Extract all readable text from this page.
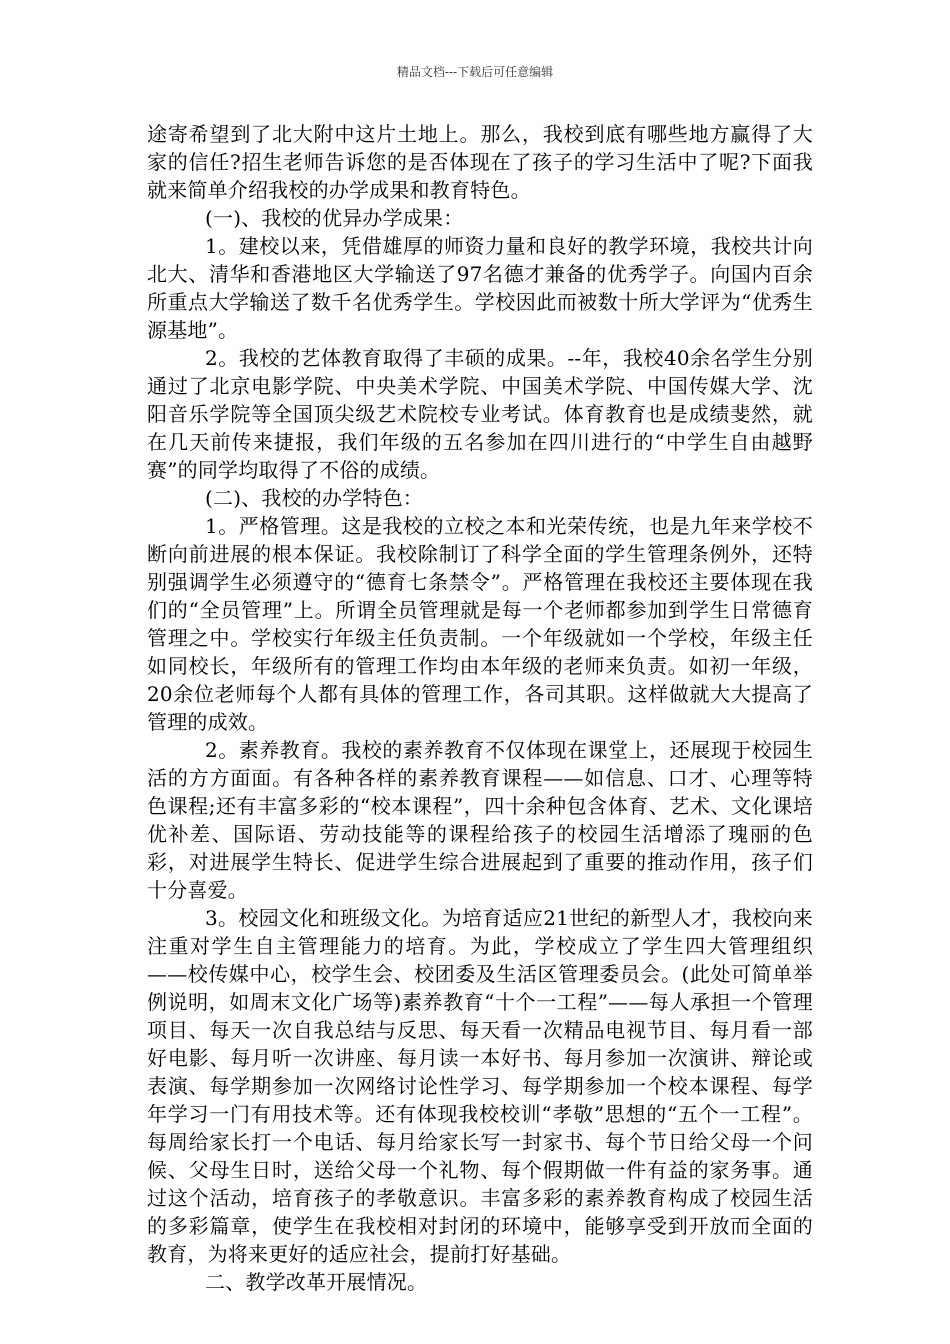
精品文档---下载后可任意编辑

途寄希望到了北大附中这片土地上。那么，我校到底有哪些地方赢得了大家的信任?招生老师告诉您的是否体现在了孩子的学习生活中了呢?下面我就来简单介绍我校的办学成果和教育特色。

(一)、我校的优异办学成果：

1。建校以来，凭借雄厚的师资力量和良好的教学环境，我校共计向北大、清华和香港地区大学输送了97名德才兼备的优秀学子。向国内百余所重点大学输送了数千名优秀学生。学校因此而被数十所大学评为“优秀生源基地”。

2。我校的艺体教育取得了丰硕的成果。--年，我校40余名学生分别通过了北京电影学院、中央美术学院、中国美术学院、中国传媒大学、沈阳音乐学院等全国顶尖级艺术院校专业考试。体育教育也是成绩斐然，就在几天前传来捷报，我们年级的五名参加在四川进行的“中学生自由越野赛”的同学均取得了不俗的成绩。

(二)、我校的办学特色：

1。严格管理。这是我校的立校之本和光荣传统，也是九年来学校不断向前进展的根本保证。我校除制订了科学全面的学生管理条例外，还特别强调学生必须遵守的“德育七条禁令”。严格管理在我校还主要体现在我们的“全员管理”上。所谓全员管理就是每一个老师都参加到学生日常德育管理之中。学校实行年级主任负责制。一个年级就如一个学校，年级主任如同校长，年级所有的管理工作均由本年级的老师来负责。如初一年级，20余位老师每个人都有具体的管理工作，各司其职。这样做就大大提高了管理的成效。

2。素养教育。我校的素养教育不仅体现在课堂上，还展现于校园生活的方方面面。有各种各样的素养教育课程——如信息、口才、心理等特色课程;还有丰富多彩的“校本课程”，四十余种包含体育、艺术、文化课培优补差、国际语、劳动技能等的课程给孩子的校园生活增添了瑰丽的色彩，对进展学生特长、促进学生综合进展起到了重要的推动作用，孩子们十分喜爱。

3。校园文化和班级文化。为培育适应21世纪的新型人才，我校向来注重对学生自主管理能力的培育。为此，学校成立了学生四大管理组织——校传媒中心，校学生会、校团委及生活区管理委员会。(此处可简单举例说明，如周末文化广场等)素养教育“十个一工程”——每人承担一个管理项目、每天一次自我总结与反思、每天看一次精品电视节目、每月看一部好电影、每月听一次讲座、每月读一本好书、每月参加一次演讲、辩论或表演、每学期参加一次网络讨论性学习、每学期参加一个校本课程、每学年学习一门有用技术等。还有体现我校校训“孝敬”思想的“五个一工程”。每周给家长打一个电话、每月给家长写一封家书、每个节日给父母一个问候、父母生日时，送给父母一个礼物、每个假期做一件有益的家务事。通过这个活动，培育孩子的孝敬意识。丰富多彩的素养教育构成了校园生活的多彩篇章，使学生在我校相对封闭的环境中，能够享受到开放而全面的教育，为将来更好的适应社会，提前打好基础。

二、教学改革开展情况。
